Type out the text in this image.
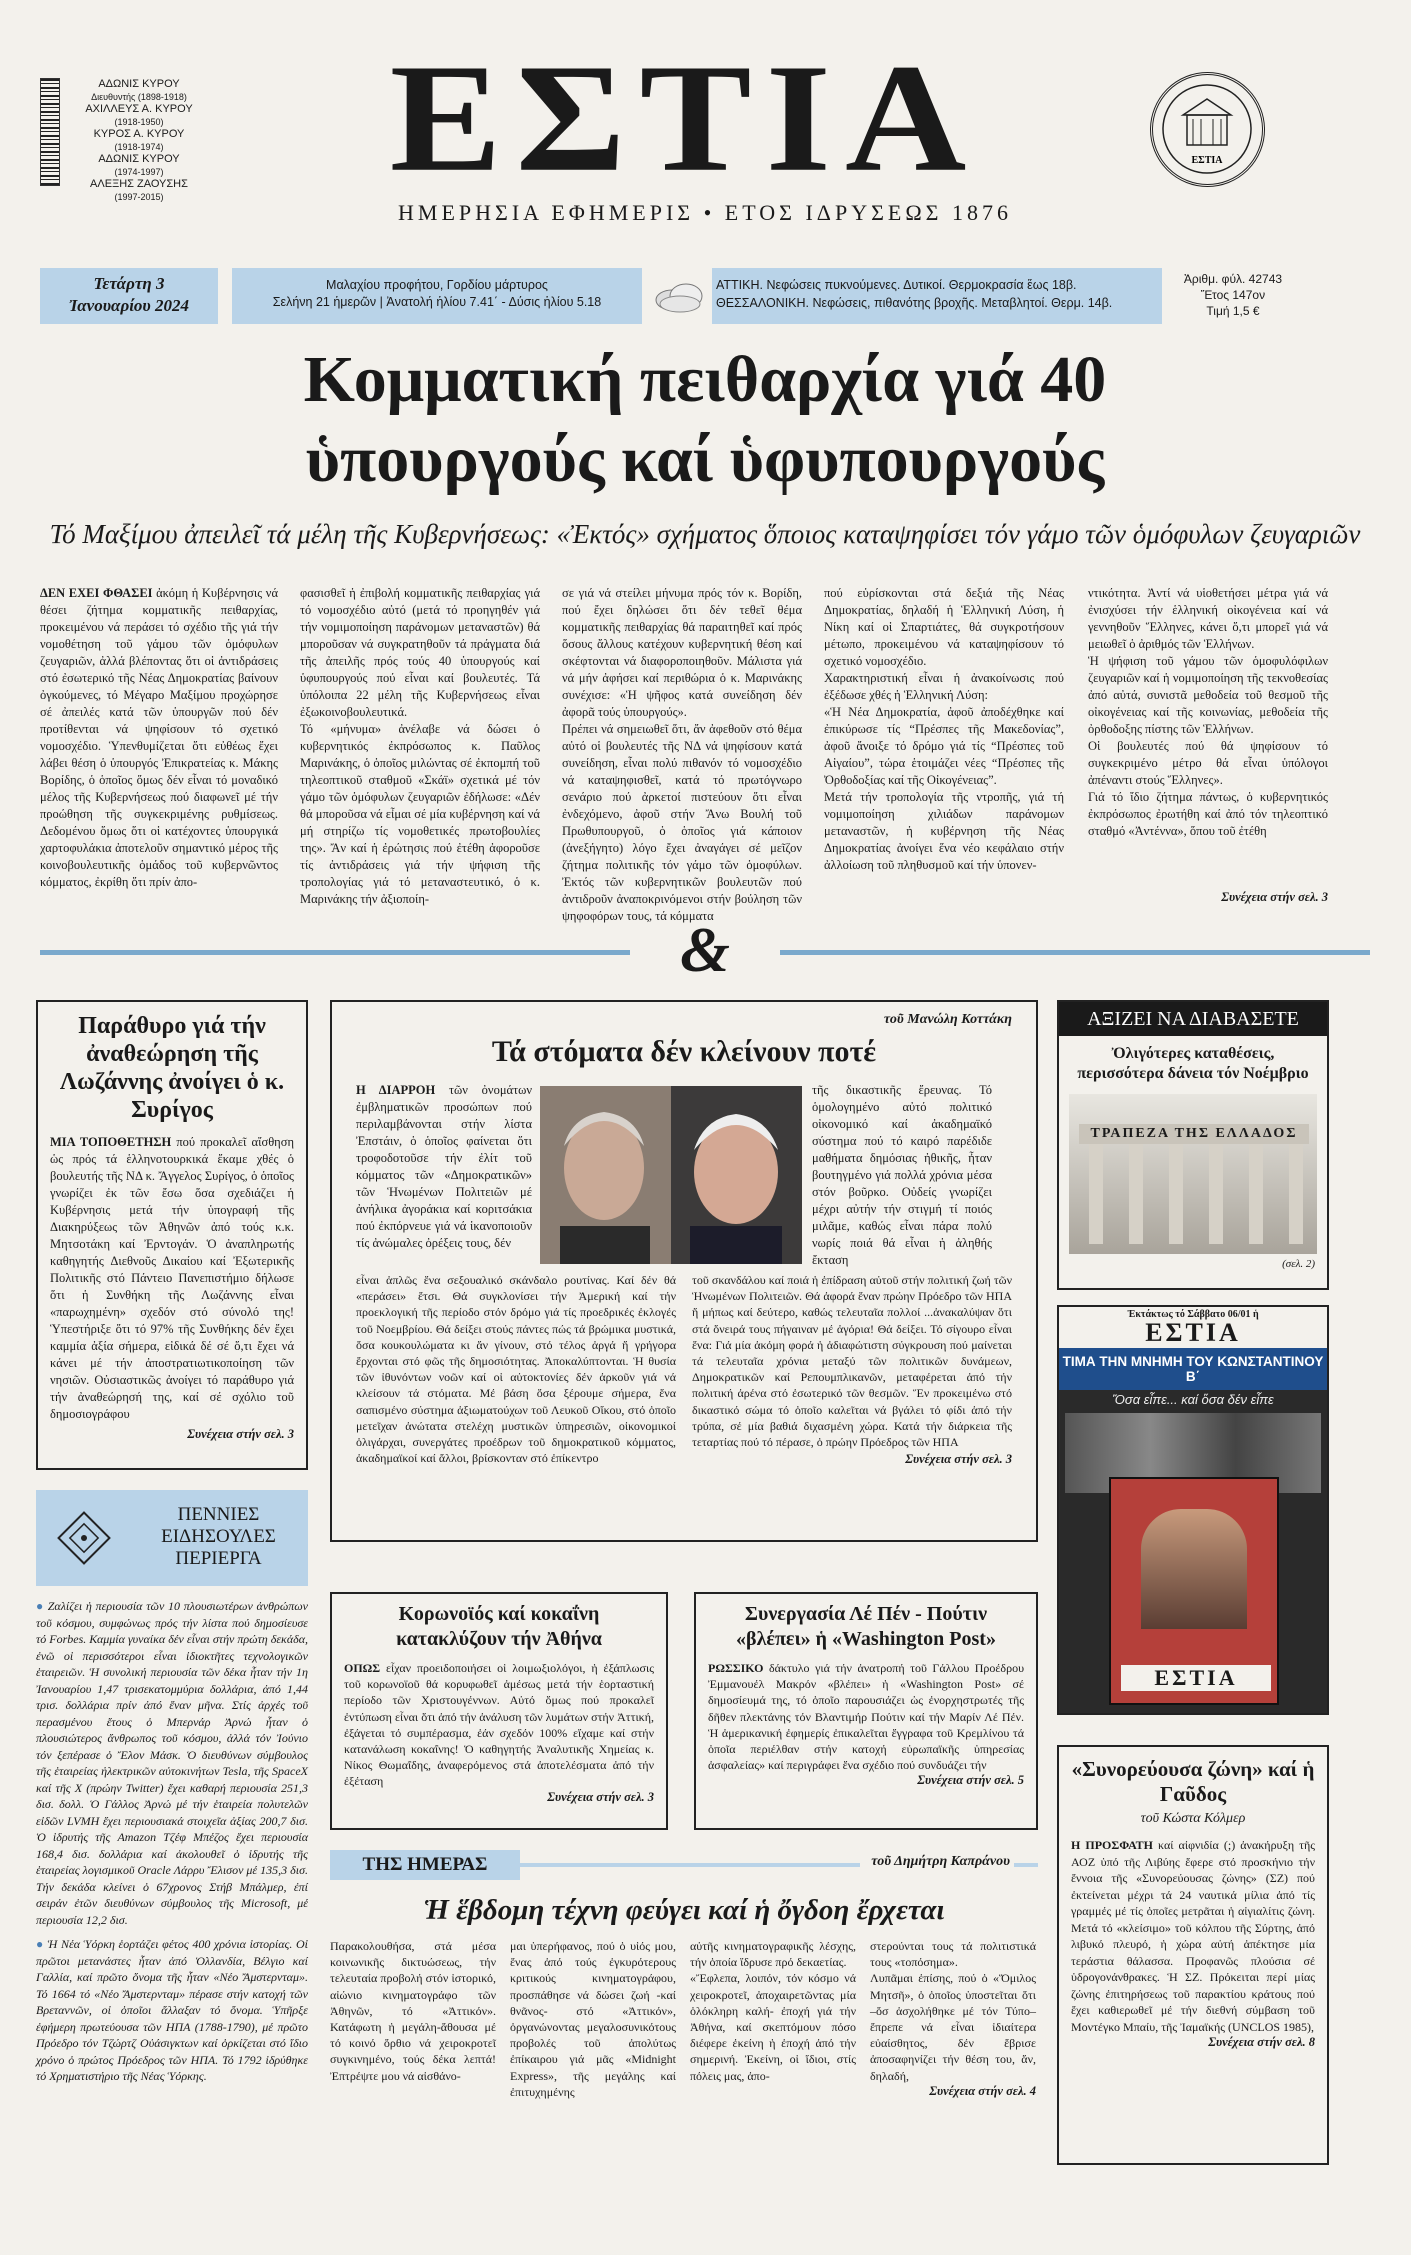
ΑΔΩΝΙΣ ΚΥΡΟΥ
Διευθυντής (1898-1918)
ΑΧΙΛΛΕΥΣ Α. ΚΥΡΟΥ
(1918-1950)
ΚΥΡΟΣ Α. ΚΥΡΟΥ
(1918-1974)
ΑΔΩΝΙΣ ΚΥΡΟΥ
(1974-1997)
ΑΛΕΞΗΣ ΖΑΟΥΣΗΣ
(1997-2015)	ΕΣΤΙΑ
ΗΜΕΡΗΣΙΑ ΕΦΗΜΕΡΙΣ • ΕΤΟΣ ΙΔΡΥΣΕΩΣ 1876
ΕΣΤΙΑ
Τετάρτη 3
Ἰανουαρίου 2024
Μαλαχίου προφήτου, Γορδίου μάρτυρος
Σελήνη 21 ἡμερῶν | Ἀνατολή ἡλίου 7.41΄ - Δύσις ἡλίου 5.18
ΑΤΤΙΚΗ. Νεφώσεις πυκνούμενες. Δυτικοί. Θερμοκρασία ἕως 18β.
ΘΕΣΣΑΛΟΝΙΚΗ. Νεφώσεις, πιθανότης βροχῆς. Μεταβλητοί. Θερμ. 14β.
Ἀριθμ. φύλ. 42743
Ἔτος 147ον
Τιμή 1,5 €
Κομματική πειθαρχία γιά 40
ὑπουργούς καί ὑφυπουργούς
Τό Μαξίμου ἀπειλεῖ τά μέλη τῆς Κυβερνήσεως: «Ἐκτός» σχήματος ὅποιος καταψηφίσει τόν γάμο τῶν ὁμόφυλων ζευγαριῶν

ΔΕΝ ΕΧΕΙ ΦΘΑΣΕΙ ἀκόμη ἡ Κυβέρνησις νά θέσει ζήτημα κομματικῆς πειθαρχίας, προκειμένου νά περάσει τό σχέδιο τῆς γιά τήν νομοθέτηση τοῦ γάμου τῶν ὁμόφυλων ζευγαριῶν, ἀλλά βλέποντας ὅτι οἱ ἀντιδράσεις στό ἐσωτερικό τῆς Νέας Δημοκρατίας βαίνουν ὀγκούμενες, τό Μέγαρο Μαξίμου προχώρησε σέ ἀπειλές κατά τῶν ὑπουργῶν πού δέν προτίθενται νά ψηφίσουν τό σχετικό νομοσχέδιο. Ὑπενθυμίζεται ὅτι εὐθέως ἔχει λάβει θέση ὁ ὑπουργός Ἐπικρατείας κ. Μάκης Βορίδης, ὁ ὁποῖος ὅμως δέν εἶναι τό μοναδικό μέλος τῆς Κυβερνήσεως πού διαφωνεῖ μέ τήν προώθηση τῆς συγκεκριμένης ρυθμίσεως. Δεδομένου ὅμως ὅτι οἱ κατέχοντες ὑπουργικά χαρτοφυλάκια ἀποτελοῦν σημαντικό μέρος τῆς κοινοβουλευτικῆς ὁμάδος τοῦ κυβερνῶντος κόμματος, ἐκρίθη ὅτι πρίν ἀπο-

φασισθεῖ ἡ ἐπιβολή κομματικῆς πειθαρχίας γιά τό νομοσχέδιο αὐτό (μετά τό προηγηθέν γιά τήν νομιμοποίηση παράνομων μεταναστῶν) θά μποροῦσαν νά συγκρατηθοῦν τά πράγματα διά τῆς ἀπειλῆς πρός τούς 40 ὑπουργούς καί ὑφυπουργούς πού εἶναι καί βουλευτές. Τά ὑπόλοιπα 22 μέλη τῆς Κυβερνήσεως εἶναι ἐξωκοινοβουλευτικά.
Τό «μήνυμα» ἀνέλαβε νά δώσει ὁ κυβερνητικός ἐκπρόσωπος κ. Παῦλος Μαρινάκης, ὁ ὁποῖος μιλώντας σέ ἐκπομπή τοῦ τηλεοπτικοῦ σταθμοῦ «Σκάϊ» σχετικά μέ τόν γάμο τῶν ὁμόφυλων ζευγαριῶν ἐδήλωσε: «Δέν θά μποροῦσα νά εἶμαι σέ μία κυβέρνηση καί νά μή στηρίζω τίς νομοθετικές πρωτοβουλίες της». Ἄν καί ἡ ἐρώτησις πού ἐτέθη ἀφοροῦσε τίς ἀντιδράσεις γιά τήν ψήφιση τῆς τροπολογίας γιά τό μεταναστευτικό, ὁ κ. Μαρινάκης τήν ἀξιοποίη-

σε γιά νά στείλει μήνυμα πρός τόν κ. Βορίδη, πού ἔχει δηλώσει ὅτι δέν τεθεῖ θέμα κομματικῆς πειθαρχίας θά παραιτηθεῖ καί πρός ὅσους ἄλλους κατέχουν κυβερνητική θέση καί σκέφτονται νά διαφοροποιηθοῦν. Μάλιστα γιά νά μήν ἀφήσει καί περιθώρια ὁ κ. Μαρινάκης συνέχισε: «Ἡ ψῆφος κατά συνείδηση δέν ἀφορᾶ τούς ὑπουργούς».
Πρέπει νά σημειωθεῖ ὅτι, ἄν ἀφεθοῦν στό θέμα αὐτό οἱ βουλευτές τῆς ΝΔ νά ψηφίσουν κατά συνείδηση, εἶναι πολύ πιθανόν τό νομοσχέδιο νά καταψηφισθεῖ, κατά τό πρωτόγνωρο σενάριο πού ἀρκετοί πιστεύουν ὅτι εἶναι ἐνδεχόμενο, ἀφοῦ στήν Ἄνω Βουλή τοῦ Πρωθυπουργοῦ, ὁ ὁποῖος γιά κάποιον (ἀνεξήγητο) λόγο ἔχει ἀναγάγει σέ μεῖζον ζήτημα πολιτικῆς τόν γάμο τῶν ὁμοφύλων. Ἐκτός τῶν κυβερνητικῶν βουλευτῶν πού ἀντιδροῦν ἀναποκρινόμενοι στήν βούληση τῶν ψηφοφόρων τους, τά κόμματα

πού εὑρίσκονται στά δεξιά τῆς Νέας Δημοκρατίας, δηλαδή ἡ Ἑλληνική Λύση, ἡ Νίκη καί οἱ Σπαρτιάτες, θά συγκροτήσουν μέτωπο, προκειμένου νά καταψηφίσουν τό σχετικό νομοσχέδιο.
Χαρακτηριστική εἶναι ἡ ἀνακοίνωσις πού ἐξέδωσε χθές ἡ Ἑλληνική Λύση:
«Ἡ Νέα Δημοκρατία, ἀφοῦ ἀποδέχθηκε καί ἐπικύρωσε τίς “Πρέσπες τῆς Μακεδονίας”, ἀφοῦ ἄνοιξε τό δρόμο γιά τίς “Πρέσπες τοῦ Αἰγαίου”, τώρα ἑτοιμάζει νέες “Πρέσπες τῆς Ὀρθοδοξίας καί τῆς Οἰκογένειας”.
Μετά τήν τροπολογία τῆς ντροπῆς, γιά τή νομιμοποίηση χιλιάδων παράνομων μεταναστῶν, ἡ κυβέρνηση τῆς Νέας Δημοκρατίας ἀνοίγει ἕνα νέο κεφάλαιο στήν ἀλλοίωση τοῦ πληθυσμοῦ καί τήν ὑπονεν-

ντικότητα. Ἀντί νά υἱοθετήσει μέτρα γιά νά ἐνισχύσει τήν ἑλληνική οἰκογένεια καί νά γεννηθοῦν Ἕλληνες, κάνει ὅ,τι μπορεῖ γιά νά μειωθεῖ ὁ ἀριθμός τῶν Ἑλλήνων.
Ἡ ψήφιση τοῦ γάμου τῶν ὁμοφυλόφιλων ζευγαριῶν καί ἡ νομιμοποίηση τῆς τεκνοθεσίας ἀπό αὐτά, συνιστᾶ μεθοδεία τοῦ θεσμοῦ τῆς οἰκογένειας καί τῆς κοινωνίας, μεθοδεία τῆς ὀρθοδοξης πίστης τῶν Ἑλλήνων.
Οἱ βουλευτές πού θά ψηφίσουν τό συγκεκριμένο μέτρο θά εἶναι ὑπόλογοι ἀπέναντι στούς Ἕλληνες».
Γιά τό ἴδιο ζήτημα πάντως, ὁ κυβερνητικός ἐκπρόσωπος ἐρωτήθη καί ἀπό τόν τηλεοπτικό σταθμό «Ἀντέννα», ὅπου τοῦ ἐτέθη

Συνέχεια στήν σελ. 3
&
Παράθυρο γιά τήν ἀναθεώρηση τῆς Λωζάννης ἀνοίγει ὁ κ. Συρίγος

ΜΙΑ ΤΟΠΟΘΕΤΗΣΗ πού προκαλεῖ αἴσθηση ὡς πρός τά ἑλληνοτουρκικά ἔκαμε χθές ὁ βουλευτής τῆς ΝΔ κ. Ἄγγελος Συρίγος, ὁ ὁποῖος γνωρίζει ἐκ τῶν ἔσω ὅσα σχεδιάζει ἡ Κυβέρνησις μετά τήν ὑπογραφή τῆς Διακηρύξεως τῶν Ἀθηνῶν ἀπό τούς κ.κ. Μητσοτάκη καί Ἐρντογάν. Ὁ ἀναπληρωτής καθηγητής Διεθνοῦς Δικαίου καί Ἐξωτερικῆς Πολιτικῆς στό Πάντειο Πανεπιστήμιο δήλωσε ὅτι ἡ Συνθήκη τῆς Λωζάννης εἶναι «παρωχημένη» σχεδόν στό σύνολό της! Ὑπεστήριξε ὅτι τό 97% τῆς Συνθήκης δέν ἔχει καμμία ἀξία σήμερα, εἰδικά δέ σέ ὅ,τι ἔχει νά κάνει μέ τήν ἀποστρατιωτικοποίηση τῶν νησιῶν. Οὐσιαστικῶς ἀνοίγει τό παράθυρο γιά τήν ἀναθεώρησή της, καί σέ σχόλιο τοῦ δημοσιογράφου

Συνέχεια στήν σελ. 3
ΠΕΝΝΙΕΣ
ΕΙΔΗΣΟΥΛΕΣ
ΠΕΡΙΕΡΓΑ

● Ζαλίζει ἡ περιουσία τῶν 10 πλουσιωτέρων ἀνθρώπων τοῦ κόσμου, συμφώνως πρός τήν λίστα πού δημοσίευσε τό Forbes. Καμμία γυναίκα δέν εἶναι στήν πρώτη δεκάδα, ἐνῶ οἱ περισσότεροι εἶναι ἰδιοκτῆτες τεχνολογικῶν ἑταιρειῶν. Ἡ συνολική περιουσία τῶν δέκα ἦταν τήν 1η Ἰανουαρίου 1,47 τρισεκατομμύρια δολλάρια, ἀπό 1,44 τρισ. δολλάρια πρίν ἀπό ἕναν μῆνα. Στίς ἀρχές τοῦ περασμένου ἔτους ὁ Μπερνάρ Ἀρνώ ἦταν ὁ πλουσιώτερος ἄνθρωπος τοῦ κόσμου, ἀλλά τόν Ἰούνιο τόν ξεπέρασε ὁ Ἔλον Μάσκ. Ὁ διευθύνων σύμβουλος τῆς ἑταιρείας ἠλεκτρικῶν αὐτοκινήτων Tesla, τῆς SpaceX καί τῆς X (πρώην Twitter) ἔχει καθαρή περιουσία 251,3 δισ. δολλ. Ὁ Γάλλος Ἀρνώ μέ τήν ἑταιρεία πολυτελῶν εἰδῶν LVMH ἔχει περιουσιακά στοιχεῖα ἀξίας 200,7 δισ. Ὁ ἱδρυτής τῆς Amazon Τζέφ Μπέζος ἔχει περιουσία 168,4 δισ. δολλάρια καί ἀκολουθεῖ ὁ ἱδρυτής τῆς ἑταιρείας λογισμικοῦ Oracle Λάρρυ Ἔλισον μέ 135,3 δισ. Τήν δεκάδα κλείνει ὁ 67χρονος Στήβ Μπάλμερ, ἐπί σειράν ἐτῶν διευθύνων σύμβουλος τῆς Microsoft, μέ περιουσία 12,2 δισ.

● Ἡ Νέα Ὑόρκη ἑορτάζει φέτος 400 χρόνια ἱστορίας. Οἱ πρῶτοι μετανάστες ἦταν ἀπό Ὁλλανδία, Βέλγιο καί Γαλλία, καί πρῶτο ὄνομα τῆς ἦταν «Νέο Ἄμστερνταμ». Τό 1664 τό «Νέο Ἄμστερνταμ» πέρασε στήν κατοχή τῶν Βρεταννῶν, οἱ ὁποῖοι ἄλλαξαν τό ὄνομα. Ὑπῆρξε ἐφήμερη πρωτεύουσα τῶν ΗΠΑ (1788-1790), μέ πρῶτο Πρόεδρο τόν Τζώρτζ Οὐάσιγκτων καί ὁρκίζεται στό ἴδιο χρόνο ὁ πρώτος Πρόεδρος τῶν ΗΠΑ. Τό 1792 ἱδρύθηκε τό Χρηματιστήριο τῆς Νέας Ὑόρκης.

τοῦ Μανώλη Κοττάκη
Τά στόματα δέν κλείνουν ποτέ

Η ΔΙΑΡΡΟΗ τῶν ὀνομάτων ἐμβληματικῶν προσώπων πού περιλαμβάνονται στήν λίστα Ἐπστάιν, ὁ ὁποῖος φαίνεται ὅτι τροφοδοτοῦσε τήν ἐλίτ τοῦ κόμματος τῶν «Δημοκρατικῶν» τῶν Ἡνωμένων Πολιτειῶν μέ ἀνήλικα ἀγοράκια καί κοριτσάκια πού ἐκπόρνευε γιά νά ἱκανοποιοῦν τίς ἀνώμαλες ὀρέξεις τους, δέν

τῆς δικαστικῆς ἔρευνας. Τό ὁμολογημένο αὐτό πολιτικό οἰκονομικό καί ἀκαδημαϊκό σύστημα πού τό καιρό παρέδιδε μαθήματα δημόσιας ἠθικῆς, ἦταν βουτηγμένο γιά πολλά χρόνια μέσα στόν βοῦρκο. Οὐδείς γνωρίζει μέχρι αὐτήν τήν στιγμή τί ποιός μιλᾶμε, καθώς εἶναι πάρα πολύ νωρίς ποιά θά εἶναι ἡ ἀληθής ἔκταση

εἶναι ἁπλῶς ἕνα σεξουαλικό σκάνδαλο ρουτίνας. Καί δέν θά «περάσει» ἔτσι. Θά συγκλονίσει τήν Ἀμερική καί τήν προεκλογική τῆς περίοδο στόν δρόμο γιά τίς προεδρικές ἐκλογές τοῦ Νοεμβρίου. Θά δείξει στούς πάντες πώς τά βρώμικα μυστικά, ὅσα κουκουλώματα κι ἄν γίνουν, στό τέλος ἀργά ἤ γρήγορα ἔρχονται στό φῶς τῆς δημοσιότητας. Ἀποκαλύπτονται. Ἡ θυσία τῶν ἰθυνόντων νοῶν καί οἱ αὐτοκτονίες δέν ἀρκοῦν γιά νά κλείσουν τά στόματα. Μέ βάση ὅσα ξέρουμε σήμερα, ἕνα σαπισμένο σύστημα ἀξιωματούχων τοῦ Λευκοῦ Οἴκου, στό ὁποῖο μετεῖχαν ἀνώτατα στελέχη μυστικῶν ὑπηρεσιῶν, οἰκονομικοί ὀλιγάρχαι, συνεργάτες προέδρων τοῦ δημοκρατικοῦ κόμματος, ἀκαδημαϊκοί καί ἄλλοι, βρίσκονταν στό ἐπίκεντρο

τοῦ σκανδάλου καί ποιά ἡ ἐπίδραση αὐτοῦ στήν πολιτική ζωή τῶν Ἡνωμένων Πολιτειῶν. Θά ἀφορά ἕναν πρώην Πρόεδρο τῶν ΗΠΑ ἤ μήπως καί δεύτερο, καθώς τελευταῖα πολλοί ...ἀνακαλύψαν ὅτι στά ὄνειρά τους πήγαιναν μέ ἀγόρια! Θά δείξει. Τό σίγουρο εἶναι ἕνα: Γιά μία ἀκόμη φορά ἡ ἀδιαφώτιστη σύγκρουση πού μαίνεται τά τελευταῖα χρόνια μεταξύ τῶν πολιτικῶν δυνάμεων, Δημοκρατικῶν καί Ρεπουμπλικανῶν, μεταφέρεται ἀπό τήν πολιτική ἀρένα στό ἐσωτερικό τῶν θεσμῶν. Ἕν προκειμένω στό δικαστικό σώμα τό ὁποῖο καλεῖται νά βγάλει τό φίδι ἀπό τήν τρύπα, σέ μία βαθιά διχασμένη χώρα. Κατά τήν διάρκεια τῆς τεταρτίας πού τό πέρασε, ὁ πρώην Πρόεδρος τῶν ΗΠΑ

Συνέχεια στήν σελ. 3
ΑΞΙΖΕΙ ΝΑ ΔΙΑΒΑΣΕΤΕ
Ὀλιγότερες καταθέσεις, περισσότερα δάνεια τόν Νοέμβριο
ΤΡΑΠΕΖΑ ΤΗΣ ΕΛΛΑΔΟΣ
(σελ. 2)
Ἐκτάκτως τό Σάββατο 06/01 ἡ
ΕΣΤΙΑ
ΤΙΜΑ ΤΗΝ ΜΝΗΜΗ ΤΟΥ ΚΩΝΣΤΑΝΤΙΝΟΥ Β΄
Ὅσα εἶπε... καί ὅσα δέν εἶπε
ΕΣΤΙΑ
Κορωνοϊός καί κοκαΐνη κατακλύζουν τήν Ἀθήνα

ΟΠΩΣ εἶχαν προειδοποιήσει οἱ λοιμωξιολόγοι, ἡ ἐξάπλωσις τοῦ κορωνοϊοῦ θά κορυφωθεῖ ἀμέσως μετά τήν ἑορταστική περίοδο τῶν Χριστουγέννων. Αὐτό ὅμως πού προκαλεῖ ἐντύπωση εἶναι ὅτι ἀπό τήν ἀνάλυση τῶν λυμάτων στήν Ἀττική, ἐξάγεται τό συμπέρασμα, ἐάν σχεδόν 100% εἴχαμε καί στήν κατανάλωση κοκαΐνης! Ὁ καθηγητής Ἀναλυτικῆς Χημείας κ. Νίκος Θωμαΐδης, ἀναφερόμενος στά ἀποτελέσματα ἀπό τήν ἐξέταση

Συνέχεια στήν σελ. 3
Συνεργασία Λέ Πέν - Πούτιν «βλέπει» ἡ «Washington Post»

ΡΩΣΣΙΚΟ δάκτυλο γιά τήν ἀνατροπή τοῦ Γάλλου Προέδρου Ἐμμανουέλ Μακρόν «βλέπει» ἡ «Washington Post» σέ δημοσίευμά της, τό ὁποῖο παρουσιάζει ὡς ἐνορχηστρωτές τῆς δῆθεν πλεκτάνης τόν Βλαντιμήρ Πούτιν καί τήν Μαρίν Λέ Πέν. Ἡ ἀμερικανική ἐφημερίς ἐπικαλεῖται ἔγγραφα τοῦ Κρεμλίνου τά ὁποῖα περιέλθαν στήν κατοχή εὐρωπαϊκῆς ὑπηρεσίας ἀσφαλείας» καί περιγράφει ἕνα σχέδιο πού συνδυάζει τήν

Συνέχεια στήν σελ. 5 «Συνορεύουσα ζώνη» καί ἡ Γαῦδος
τοῦ Κώστα Κόλμερ

Η ΠΡΟΣΦΑΤΗ καί αἰφνιδία (;) ἀνακήρυξη τῆς ΑΟΖ ὑπό τῆς Λιβύης ἔφερε στό προσκήνιο τήν ἔννοια τῆς «Συνορεύουσας ζώνης» (ΣΖ) πού ἐκτείνεται μέχρι τά 24 ναυτικά μίλια ἀπό τίς γραμμές μέ τίς ὁποῖες μετρᾶται ἡ αἰγιαλίτις ζώνη. Μετά τό «κλείσιμο» τοῦ κόλπου τῆς Σύρτης, ἀπό λιβυκό πλευρό, ἡ χώρα αὐτή ἀπέκτησε μία τεράστια θάλασσα. Προφανῶς πλούσια σέ ὑδρογονάνθρακες. Ἡ ΣΖ. Πρόκειται περί μίας ζώνης ἐπιτηρήσεως τοῦ παρακτίου κράτους πού ἔχει καθιερωθεῖ μέ τήν διεθνή σύμβαση τοῦ Μοντέγκο Μπαίυ, τῆς Ἰαμαϊκής (UNCLOS 1985),

Συνέχεια στήν σελ. 8
ΤΗΣ ΗΜΕΡΑΣ	τοῦ Δημήτρη Καπράνου
Ἡ ἕβδομη τέχνη φεύγει καί ἡ ὄγδοη ἔρχεται

Παρακολουθήσα, στά μέσα κοινωνικῆς δικτυώσεως, τήν τελευταία προβολή στόν ἱστορικό, αἰώνιο κινηματογράφο τῶν Ἀθηνῶν, τό «Ἀττικόν». Κατάφωτη ἡ μεγάλη-ἄθουσα μέ τό κοινό ὄρθιο νά χειροκροτεῖ συγκινημένο, τούς δέκα λεπτά! Ἐπτρέψτε μου νά αἰσθάνο-

μαι ὑπερήφανος, πού ὁ υἱός μου, ἕνας ἀπό τούς ἐγκυρότερους κριτικούς κινηματογράφου, προσπάθησε νά δώσει ζωή -καί θνᾶνος- στό «Ἀττικόν», ὀργανώνοντας μεγαλοσυνικότους προβολές τοῦ ἀπολύτως ἐπίκαιρου γιά μᾶς «Midnight Express», τῆς μεγάλης καί ἐπιτυχημένης

αὐτῆς κινηματογραφικῆς λέσχης, τήν ὁποία ἵδρυσε πρό δεκαετίας.
«Ἔφλεπα, λοιπόν, τόν κόσμο νά χειροκροτεῖ, ἀποχαιρετῶντας μία ὁλόκληρη καλή- ἐποχή γιά τήν Ἀθήνα, καί σκεπτόμουν πόσο διέφερε ἐκείνη ἡ ἐποχή ἀπό τήν σημερινή. Ἐκείνη, οἱ ἴδιοι, στίς πόλεις μας, ἀπο-

στερούνται τους τά πολιτιστικά τους «τοπόσημα».
Λυπᾶμαι ἐπίσης, πού ὁ «Ὅμιλος Μητσῆ», ὁ ὁποῖος ὑποστεῖται ὅτι –ὅσ ἀσχολήθηκε μέ τόν Τύπο– ἔπρεπε νά εἶναι ἰδιαίτερα εὐαίσθητος, δέν ἔβρισε ἀποσαφηνίζει τήν θέση του, ἄν, δηλαδή,

Συνέχεια στήν σελ. 4
